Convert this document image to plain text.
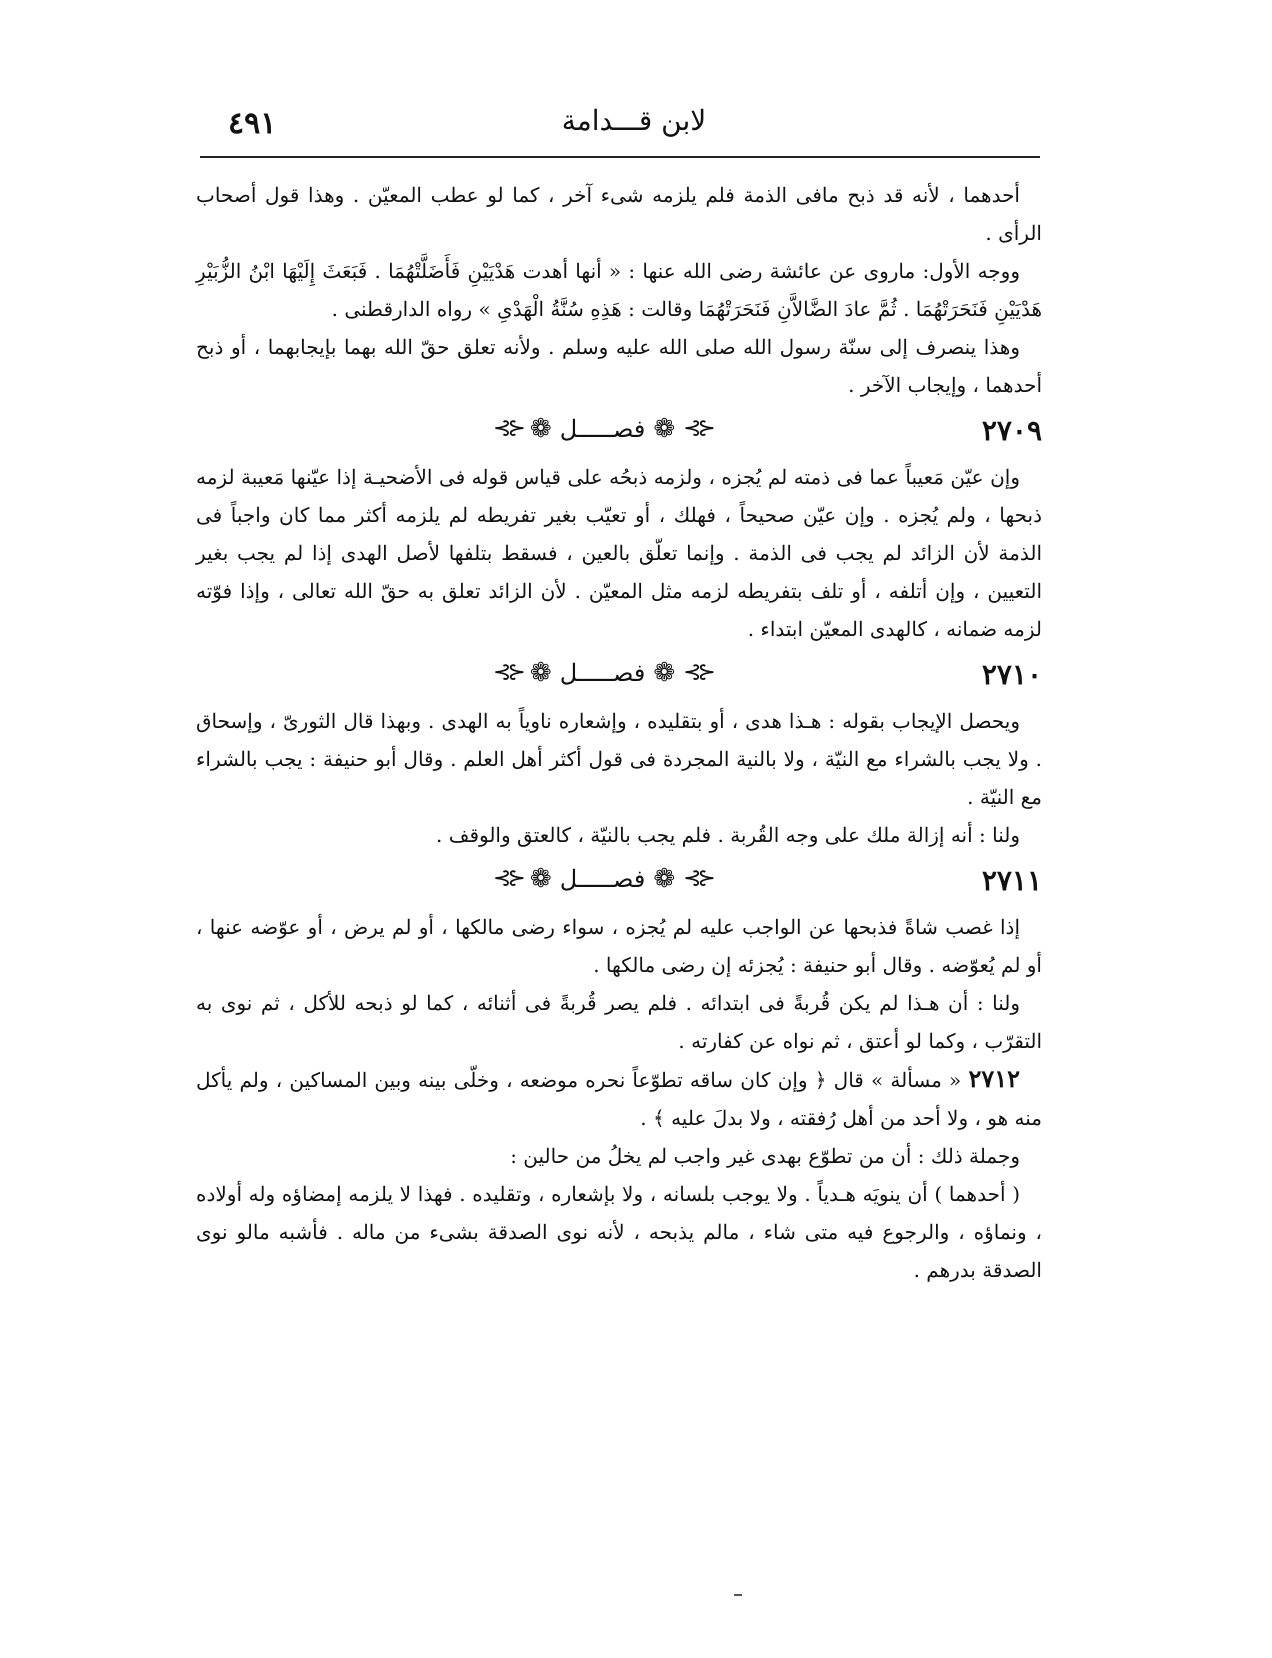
لابن قـــدامة
٤٩١

أحدهما ، لأنه قد ذبح مافى الذمة فلم يلزمه شىء آخر ، كما لو عطب المعيّن . وهذا قول أصحاب الرأى .

ووجه الأول: ماروى عن عائشة رضى الله عنها : « أنها أهدت هَدْيَيْنِ فَأَضَلَّتْهُمَا . فَبَعَثَ إِلَيْهَا ابْنُ الزُّبَيْرِ هَدْيَيْنِ فَنَحَرَتْهُمَا . ثُمَّ عادَ الضَّالاَّنِ فَنَحَرَتْهُمَا وقالت : هَذِهِ سُنَّةُ الْهَدْىِ » رواه الدارقطنى .

وهذا ينصرف إلى سنّة رسول الله صلى الله عليه وسلم . ولأنه تعلق حقّ الله بهما بإيجابهما ، أو ذبح أحدهما ، وإيجاب الآخر .

٢٧٠٩
⊰⊱
❁
فصـــــل
❁
⊰⊱

وإن عيّن مَعيباً عما فى ذمته لم يُجزه ، ولزمه ذبحُه على قياس قوله فى الأضحيـة إذا عيّنها مَعيبة لزمه ذبحها ، ولم يُجزه . وإن عيّن صحيحاً ، فهلك ، أو تعيّب بغير تفريطه لم يلزمه أكثر مما كان واجباً فى الذمة لأن الزائد لم يجب فى الذمة . وإنما تعلّق بالعين ، فسقط بتلفها لأصل الهدى إذا لم يجب بغير التعيين ، وإن أتلفه ، أو تلف بتفريطه لزمه مثل المعيّن . لأن الزائد تعلق به حقّ الله تعالى ، وإذا فوّته لزمه ضمانه ، كالهدى المعيّن ابتداء .

٢٧١٠
⊰⊱
❁
فصـــــل
❁
⊰⊱

ويحصل الإيجاب بقوله : هـذا هدى ، أو بتقليده ، وإشعاره ناوياً به الهدى . وبهذا قال الثورىّ ، وإسحاق . ولا يجب بالشراء مع النيّة ، ولا بالنية المجردة فى قول أكثر أهل العلم . وقال أبو حنيفة : يجب بالشراء مع النيّة .

ولنا : أنه إزالة ملك على وجه القُربة . فلم يجب بالنيّة ، كالعتق والوقف .

٢٧١١
⊰⊱
❁
فصـــــل
❁
⊰⊱

إذا غصب شاةً فذبحها عن الواجب عليه لم يُجزه ، سواء رضى مالكها ، أو لم يرض ، أو عوّضه عنها ، أو لم يُعوّضه . وقال أبو حنيفة : يُجزئه إن رضى مالكها .

ولنا : أن هـذا لم يكن قُربةً فى ابتدائه . فلم يصر قُربةً فى أثنائه ، كما لو ذبحه للأكل ، ثم نوى به التقرّب ، وكما لو أعتق ، ثم نواه عن كفارته .

٢٧١٢ « مسألة » قال ﴿ وإن كان ساقه تطوّعاً نحره موضعه ، وخلّى بينه وبين المساكين ، ولم يأكل منه هو ، ولا أحد من أهل رُفقته ، ولا بدلَ عليه ﴾ .

وجملة ذلك : أن من تطوّع بهدى غير واجب لم يخلُ من حالين :

( أحدهما ) أن ينويَه هـدياً . ولا يوجب بلسانه ، ولا بإشعاره ، وتقليده . فهذا لا يلزمه إمضاؤه وله أولاده ، ونماؤه ، والرجوع فيه متى شاء ، مالم يذبحه ، لأنه نوى الصدقة بشىء من ماله . فأشبه مالو نوى الصدقة بدرهم .
